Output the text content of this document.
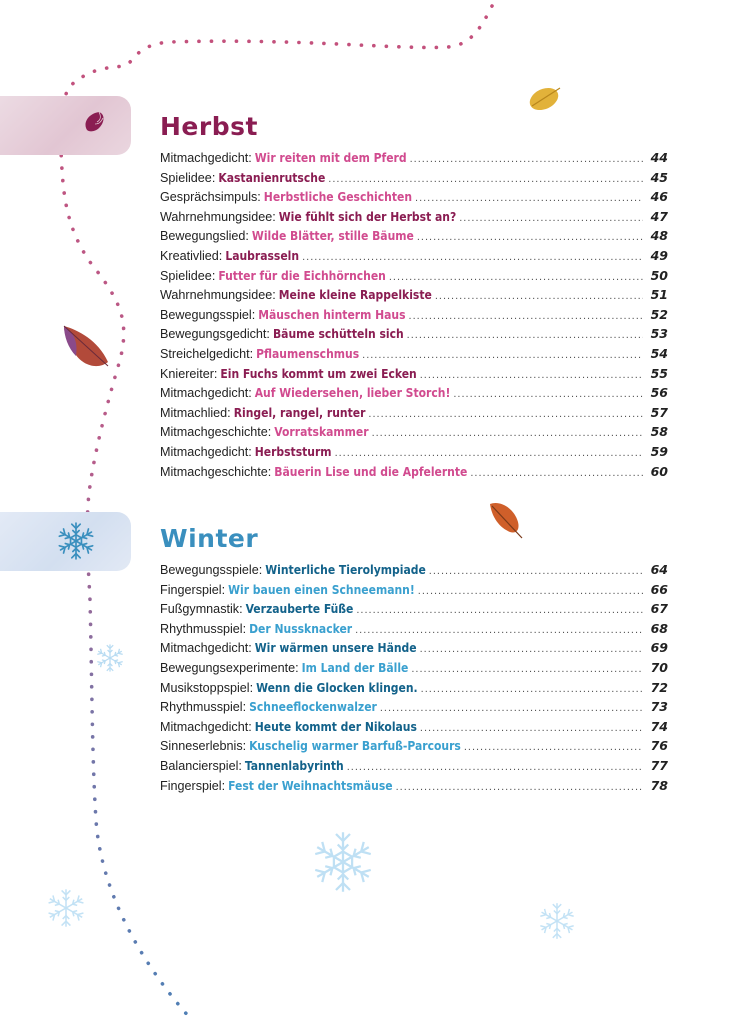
Herbst
Mitmachgedicht: Wir reiten mit dem Pferd .....	44
Spielidee: Kastanienrutsche .....	45
Gesprächsimpuls: Herbstliche Geschichten .....	46
Wahrnehmungsidee: Wie fühlt sich der Herbst an? .....	47
Bewegungslied: Wilde Blätter, stille Bäume .....	48
Kreativlied: Laubrasseln .....	49
Spielidee: Futter für die Eichhörnchen .....	50
Wahrnehmungsidee: Meine kleine Rappelkiste .....	51
Bewegungsspiel: Mäuschen hinterm Haus .....	52
Bewegungsgedicht: Bäume schütteln sich .....	53
Streichelgedicht: Pflaumenschmus .....	54
Kniereiter: Ein Fuchs kommt um zwei Ecken .....	55
Mitmachgedicht: Auf Wiedersehen, lieber Storch! .....	56
Mitmachlied: Ringel, rangel, runter .....	57
Mitmachgeschichte: Vorratskammer .....	58
Mitmachgedicht: Herbststurm .....	59
Mitmachgeschichte: Bäuerin Lise und die Apfelernte .....	60
Winter
Bewegungsspiele: Winterliche Tierolympiade .....	64
Fingerspiel: Wir bauen einen Schneemann! .....	66
Fußgymnastik: Verzauberte Füße .....	67
Rhythmusspiel: Der Nussknacker .....	68
Mitmachgedicht: Wir wärmen unsere Hände .....	69
Bewegungsexperimente: Im Land der Bälle .....	70
Musikstoppspiel: Wenn die Glocken klingen. .....	72
Rhythmusspiel: Schneeflockenwalzer .....	73
Mitmachgedicht: Heute kommt der Nikolaus .....	74
Sinneserlebnis: Kuschelig warmer Barfuß-Parcours .....	76
Balancierspiel: Tannenlabyrinth .....	77
Fingerspiel: Fest der Weihnachtsmäuse .....	78
